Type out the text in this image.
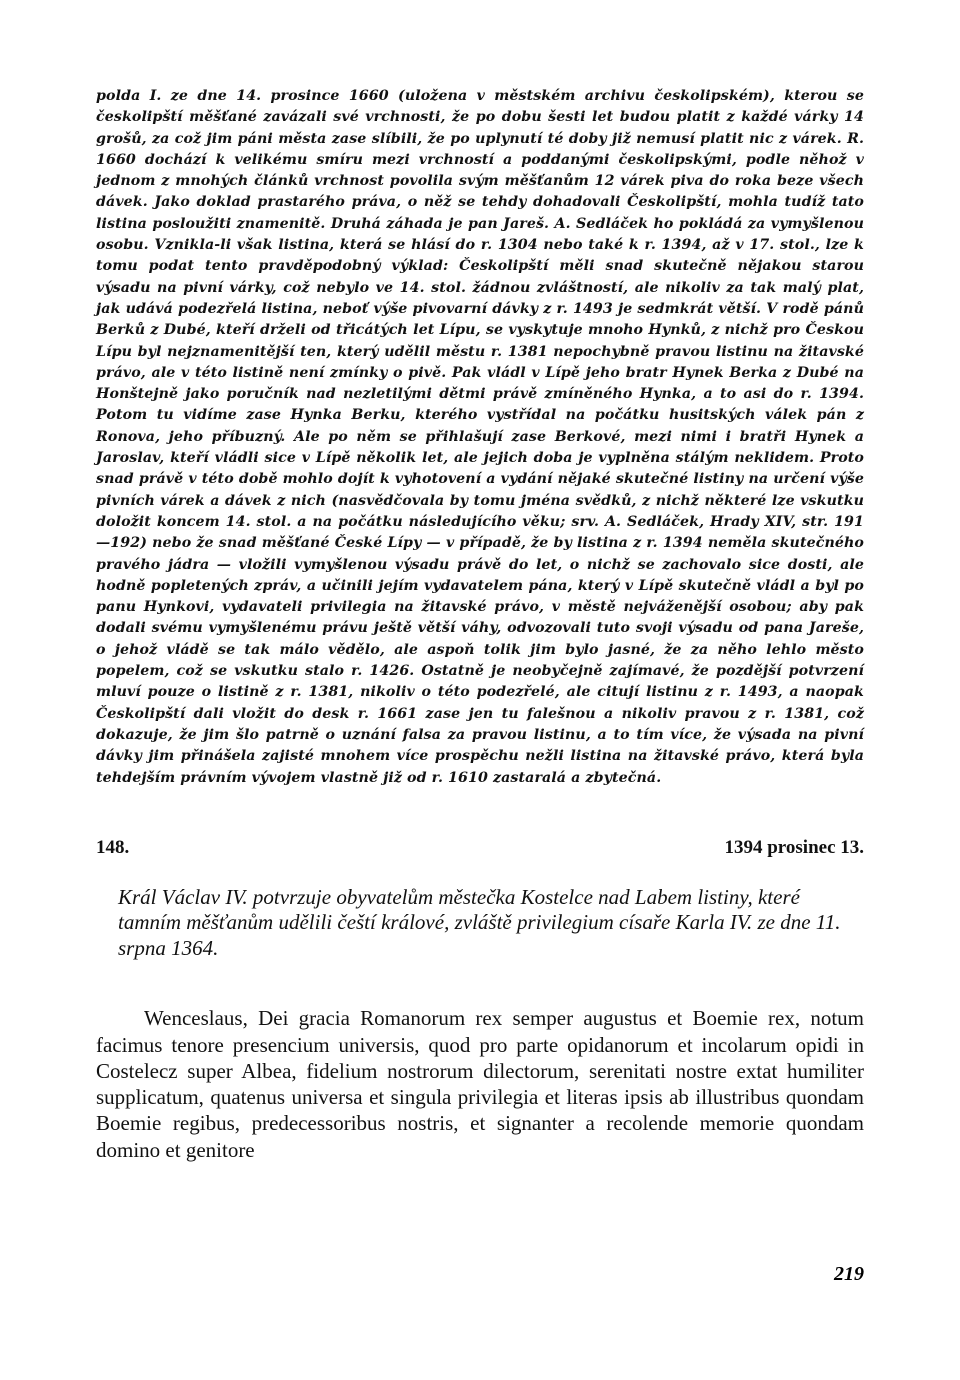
polda I. ze dne 14. prosince 1660 (uložena v městském archivu českolipském), kterou se českolipští měšťané zavázali své vrchnosti, že po dobu šesti let budou platit z každé várky 14 grošů, za což jim páni města zase slíbili, že po uplynutí té doby již nemusí platit nic z várek. R. 1660 dochází k velikému smíru mezi vrchností a poddanými českolipskými, podle něhož v jednom z mnohých článků vrchnost povolila svým měšťanům 12 várek piva do roka beze všech dávek. Jako doklad prastarého práva, o něž se tehdy dohadovali Českolipští, mohla tudíž tato listina posloužiti znamenitě. Druhá záhada je pan Jareš. A. Sedláček ho pokládá za vymyšlenou osobu. Vznikla-li však listina, která se hlásí do r. 1304 nebo také k r. 1394, až v 17. stol., lze k tomu podat tento pravděpodobný výklad: Českolipští měli snad skutečně nějakou starou výsadu na pivní várky, což nebylo ve 14. stol. žádnou zvláštností, ale nikoliv za tak malý plat, jak udává podezřelá listina, neboť výše pivovarní dávky z r. 1493 je sedmkrát větší. V rodě pánů Berků z Dubé, kteří drželi od třicátých let Lípu, se vyskytuje mnoho Hynků, z nichž pro Českou Lípu byl nejznamenitější ten, který udělil městu r. 1381 nepochybně pravou listinu na žitavské právo, ale v této listině není zmínky o pivě. Pak vládl v Lípě jeho bratr Hynek Berka z Dubé na Honštejně jako poručník nad nezletilými dětmi právě zmíněného Hynka, a to asi do r. 1394. Potom tu vidíme zase Hynka Berku, kterého vystřídal na počátku husitských válek pán z Ronova, jeho příbuzný. Ale po něm se přihlašují zase Berkové, mezi nimi i bratři Hynek a Jaroslav, kteří vládli sice v Lípě několik let, ale jejich doba je vyplněna stálým neklidem. Proto snad právě v této době mohlo dojít k vyhotovení a vydání nějaké skutečné listiny na určení výše pivních várek a dávek z nich (nasvědčovala by tomu jména svědků, z nichž některé lze vskutku doložit koncem 14. stol. a na počátku následujícího věku; srv. A. Sedláček, Hrady XIV, str. 191—192) nebo že snad měšťané České Lípy — v případě, že by listina z r. 1394 neměla skutečného pravého jádra — vložili vymyšlenou výsadu právě do let, o nichž se zachovalo sice dosti, ale hodně popletených zpráv, a učinili jejím vydavatelem pána, který v Lípě skutečně vládl a byl po panu Hynkovi, vydavateli privilegia na žitavské právo, v městě nejváženější osobou; aby pak dodali svému vymyšlenému právu ještě větší váhy, odvozovali tuto svoji výsadu od pana Jareše, o jehož vládě se tak málo vědělo, ale aspoň tolik jim bylo jasné, že za něho lehlo město popelem, což se vskutku stalo r. 1426. Ostatně je neobyčejně zajímavé, že pozdější potvrzení mluví pouze o listině z r. 1381, nikoliv o této podezřelé, ale citují listinu z r. 1493, a naopak Českolipští dali vložit do desk r. 1661 zase jen tu falešnou a nikoliv pravou z r. 1381, což dokazuje, že jim šlo patrně o uznání falsa za pravou listinu, a to tím více, že výsada na pivní dávky jim přinášela zajisté mnohem více prospěchu nežli listina na žitavské právo, která byla tehdejším právním vývojem vlastně již od r. 1610 zastaralá a zbytečná.

148.	1394 prosinec 13.

Král Václav IV. potvrzuje obyvatelům městečka Kostelce nad Labem listiny, které tamním měšťanům udělili čeští králové, zvláště privilegium císaře Karla IV. ze dne 11. srpna 1364.

Wenceslaus, Dei gracia Romanorum rex semper augustus et Boemie rex, notum facimus tenore presencium universis, quod pro parte opidanorum et incolarum opidi in Costelecz super Albea, fidelium nostrorum dilectorum, serenitati nostre extat humiliter supplicatum, quatenus universa et singula privilegia et literas ipsis ab illustribus quondam Boemie regibus, predecessoribus nostris, et signanter a recolende memorie quondam domino et genitore

219
